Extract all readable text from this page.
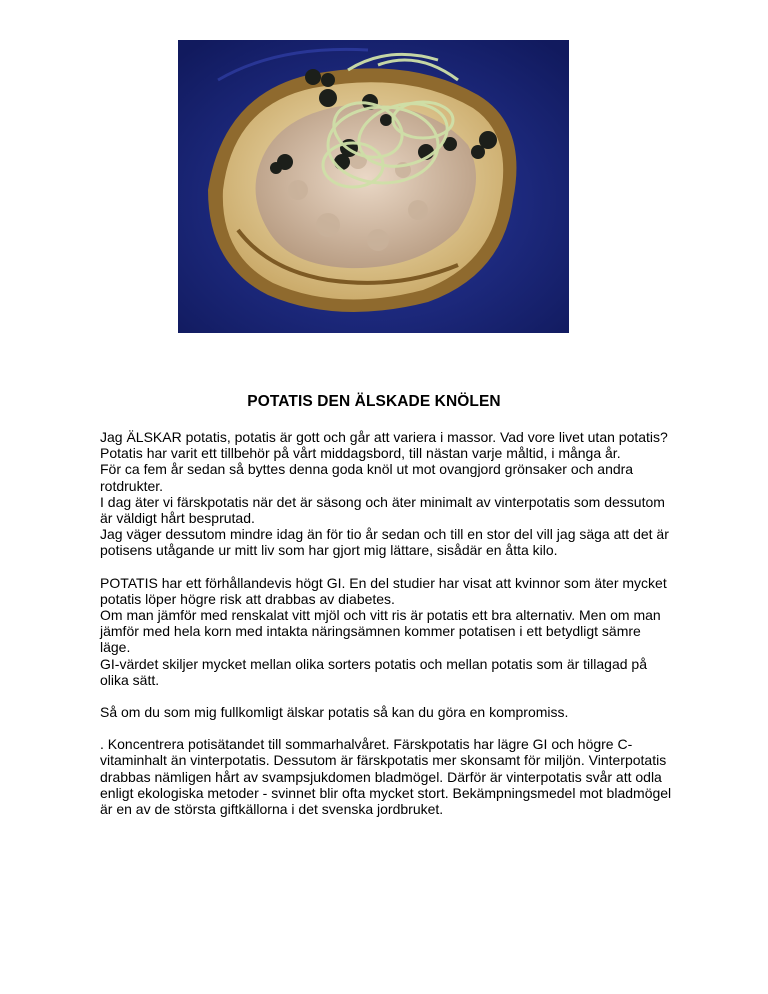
POTATIS DEN ÄLSKADE KNÖLEN

Jag ÄLSKAR potatis, potatis är gott och går att variera i massor. Vad vore livet utan potatis?
Potatis har varit ett tillbehör på vårt middagsbord, till nästan varje måltid, i många år.
För ca fem år sedan så byttes denna goda knöl ut mot ovangjord grönsaker och andra rotdrukter.
I dag äter vi färskpotatis när det är säsong och äter minimalt av vinterpotatis som dessutom är väldigt hårt besprutad.
Jag väger dessutom mindre idag än för tio år sedan och till en stor del vill jag säga att det är potisens utågande ur mitt liv som har gjort mig lättare, sisådär en åtta kilo.

POTATIS har ett förhållandevis högt GI. En del studier har visat att kvinnor som äter mycket potatis löper högre risk att drabbas av diabetes.
Om man jämför med renskalat vitt mjöl och vitt ris är potatis ett bra alternativ. Men om man jämför med hela korn med intakta näringsämnen kommer potatisen i ett betydligt sämre läge.
GI-värdet skiljer mycket mellan olika sorters potatis och mellan potatis som är tillagad på olika sätt.

Så om du som mig fullkomligt älskar potatis så kan du göra en kompromiss.

. Koncentrera potisätandet till sommarhalvåret. Färskpotatis har lägre GI och högre C-vitaminhalt än vinterpotatis. Dessutom är färskpotatis mer skonsamt för miljön. Vinterpotatis drabbas nämligen hårt av svampsjukdomen bladmögel. Därför är vinterpotatis svår att odla enligt ekologiska metoder - svinnet blir ofta mycket stort. Bekämpningsmedel mot bladmögel är en av de största giftkällorna i det svenska jordbruket.
